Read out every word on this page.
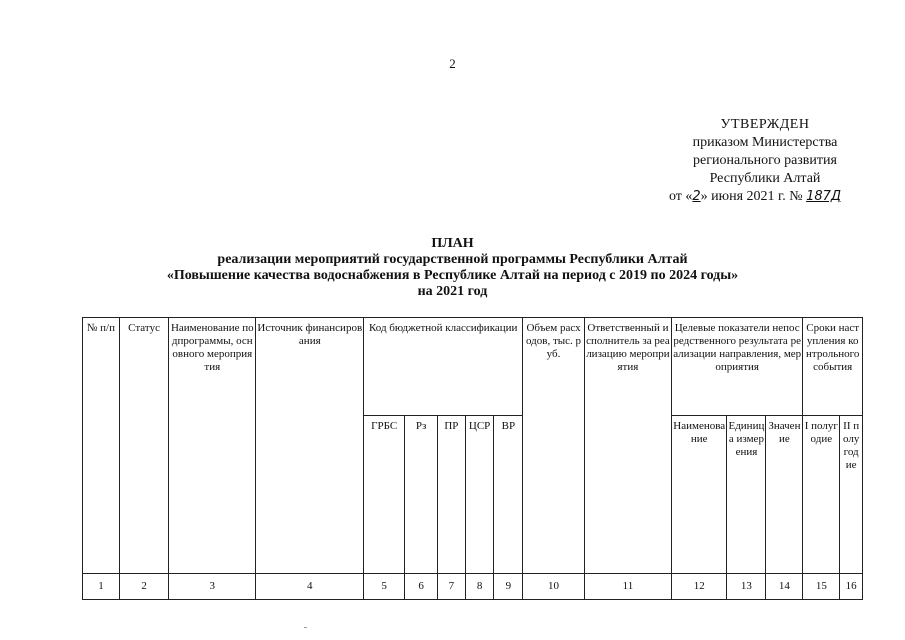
2
УТВЕРЖДЕН
приказом Министерства
регионального развития
Республики Алтай
от «2» июня 2021 г. № 187Д
ПЛАН
реализации мероприятий государственной программы Республики Алтай
«Повышение качества водоснабжения в Республике Алтай на период с 2019 по 2024 годы»
на 2021 год
№ п/п	Статус	Наименование подпрограммы, основного мероприятия	Источник финансирования	Код бюджетной классификации					Объем расходов, тыс. руб.	Ответственный исполнитель за реализацию мероприятия	Целевые показатели непосредственного результата реализации направления, мероприятия			Сроки наступления контрольного события	
				ГРБС	Рз	ПР	ЦСР	ВР			Наименование	Единица измерения	Значение	I полугодие	II полугодие
1	2	3	4	5	6	7	8	9	10	11	12	13	14	15	16
